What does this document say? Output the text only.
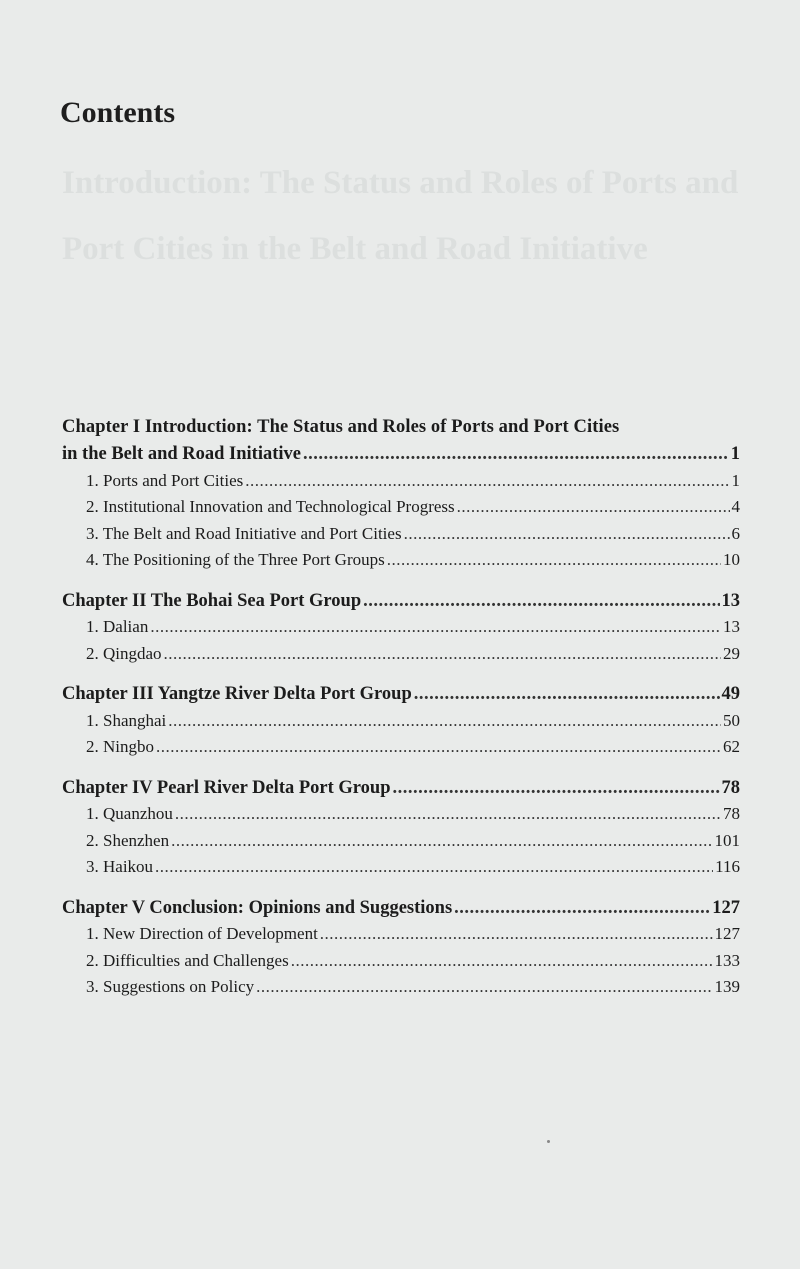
Introduction: The Status and Roles of Ports and
Port Cities in the Belt and Road Initiative
Contents
Chapter I Introduction: The Status and Roles of Ports and Port Cities
in the Belt and Road Initiative .....	1
1. Ports and Port Cities .....	1
2. Institutional Innovation and Technological Progress .....	4
3. The Belt and Road Initiative and Port Cities .....	6
4. The Positioning of the Three Port Groups .....	10
Chapter II The Bohai Sea Port Group .....	13
1. Dalian .....	13
2. Qingdao .....	29
Chapter III Yangtze River Delta Port Group .....	49
1. Shanghai .....	50
2. Ningbo .....	62
Chapter IV Pearl River Delta Port Group .....	78
1. Quanzhou .....	78
2. Shenzhen .....	101
3. Haikou .....	116
Chapter V Conclusion: Opinions and Suggestions .....	127
1. New Direction of Development .....	127
2. Difficulties and Challenges .....	133
3. Suggestions on Policy .....	139
